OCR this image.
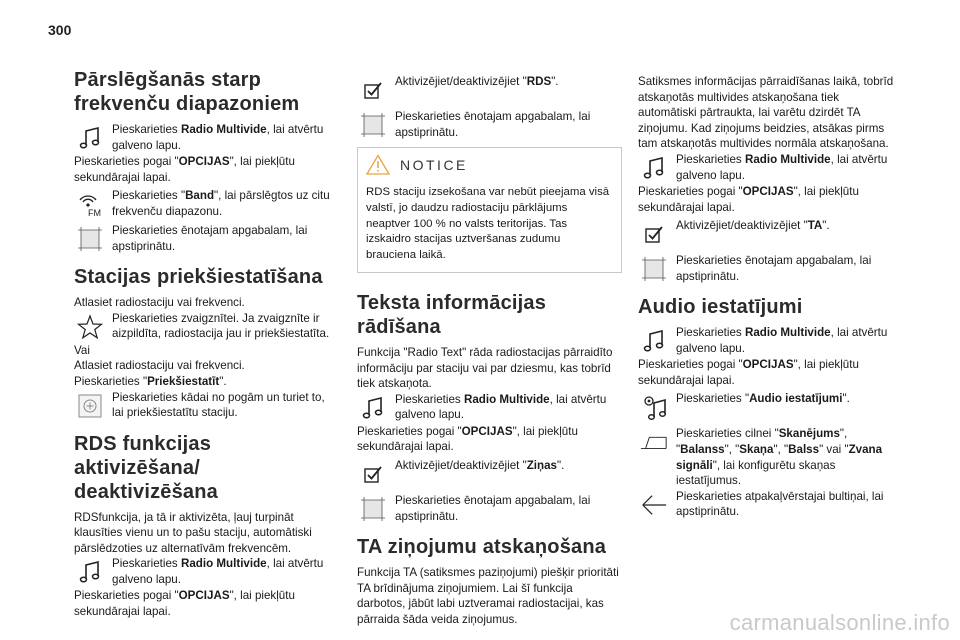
300
Pārslēgšanās starp frekvenču diapazoniem

Pieskarieties Radio Multivide, lai atvērtu galveno lapu.

Pieskarieties pogai "OPCIJAS", lai piekļūtu sekundārajai lapai.

FM

Pieskarieties "Band", lai pārslēgtos uz citu frekvenču diapazonu.

Pieskarieties ēnotajam apgabalam, lai apstiprinātu.

Stacijas priekšiestatīšana

Atlasiet radiostaciju vai frekvenci.

Pieskarieties zvaigznītei. Ja zvaigznīte ir aizpildīta, radiostacija jau ir priekšiestatīta.

Vai

Atlasiet radiostaciju vai frekvenci.

Pieskarieties "Priekšiestatīt".

Pieskarieties kādai no pogām un turiet to, lai priekšiestatītu staciju.

RDS funkcijas aktivizēšana/ deaktivizēšana

RDSfunkcija, ja tā ir aktivizēta, ļauj turpināt klausīties vienu un to pašu staciju, automātiski pārslēdzoties uz alternatīvām frekvencēm.

Pieskarieties Radio Multivide, lai atvērtu galveno lapu.

Pieskarieties pogai "OPCIJAS", lai piekļūtu sekundārajai lapai.

Aktivizējiet/deaktivizējiet "RDS".

Pieskarieties ēnotajam apgabalam, lai apstiprinātu.

NOTICE

RDS staciju izsekošana var nebūt pieejama visā valstī, jo daudzu radiostaciju pārklājums neaptver 100 % no valsts teritorijas. Tas izskaidro stacijas uztveršanas zudumu brauciena laikā.

Teksta informācijas rādīšana

Funkcija "Radio Text" rāda radiostacijas pārraidīto informāciju par staciju vai par dziesmu, kas tobrīd tiek atskaņota.

Pieskarieties Radio Multivide, lai atvērtu galveno lapu.

Pieskarieties pogai "OPCIJAS", lai piekļūtu sekundārajai lapai.

Aktivizējiet/deaktivizējiet "Ziņas".

Pieskarieties ēnotajam apgabalam, lai apstiprinātu.

TA ziņojumu atskaņošana

Funkcija TA (satiksmes paziņojumi) piešķir prioritāti TA brīdinājuma ziņojumiem. Lai šī funkcija darbotos, jābūt labi uztveramai radiostacijai, kas pārraida šāda veida ziņojumus.

Satiksmes informācijas pārraidīšanas laikā, tobrīd atskaņotās multivides atskaņošana tiek automātiski pārtraukta, lai varētu dzirdēt TA ziņojumu. Kad ziņojums beidzies, atsākas pirms tam atskaņotās multivides normāla atskaņošana.

Pieskarieties Radio Multivide, lai atvērtu galveno lapu.

Pieskarieties pogai "OPCIJAS", lai piekļūtu sekundārajai lapai.

Aktivizējiet/deaktivizējiet "TA".

Pieskarieties ēnotajam apgabalam, lai apstiprinātu.

Audio iestatījumi

Pieskarieties Radio Multivide, lai atvērtu galveno lapu.

Pieskarieties pogai "OPCIJAS", lai piekļūtu sekundārajai lapai.

Pieskarieties "Audio iestatījumi".

Pieskarieties cilnei "Skanējums", "Balanss", "Skaņa", "Balss" vai "Zvana signāli", lai konfigurētu skaņas iestatījumus.

Pieskarieties atpakaļvērstajai bultiņai, lai apstiprinātu.

carmanualsonline.info
